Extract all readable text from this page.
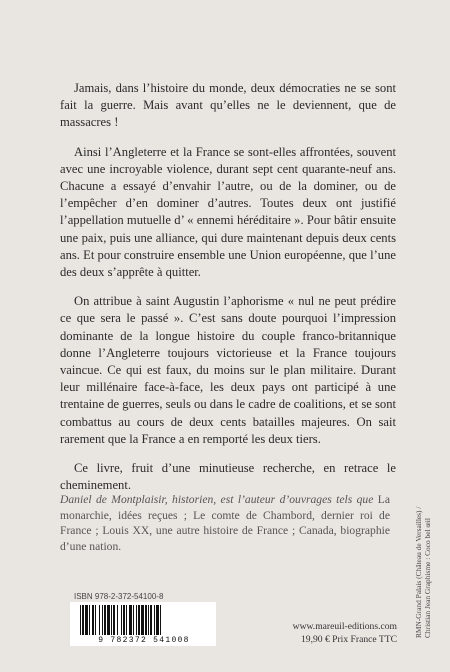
Jamais, dans l’histoire du monde, deux démocraties ne se sont fait la guerre. Mais avant qu’elles ne le deviennent, que de massacres !

Ainsi l’Angleterre et la France se sont-elles affrontées, souvent avec une incroyable violence, durant sept cent quarante-neuf ans. Chacune a essayé d’envahir l’autre, ou de la dominer, ou de l’empêcher d’en dominer d’autres. Toutes deux ont justifié l’appellation mutuelle d’ « ennemi héréditaire ». Pour bâtir ensuite une paix, puis une alliance, qui dure maintenant depuis deux cents ans. Et pour construire ensemble une Union européenne, que l’une des deux s’apprête à quitter.

On attribue à saint Augustin l’aphorisme « nul ne peut prédire ce que sera le passé ». C’est sans doute pourquoi l’impression dominante de la longue histoire du couple franco-britannique donne l’Angleterre toujours victorieuse et la France toujours vaincue. Ce qui est faux, du moins sur le plan militaire. Durant leur millénaire face-à-face, les deux pays ont participé à une trentaine de guerres, seuls ou dans le cadre de coalitions, et se sont combattus au cours de deux cents batailles majeures. On sait rarement que la France a en remporté les deux tiers.

Ce livre, fruit d’une minutieuse recherche, en retrace le cheminement.

Daniel de Montplaisir, historien, est l’auteur d’ouvrages tels que La monarchie, idées reçues ; Le comte de Chambord, dernier roi de France ; Louis XX, une autre histoire de France ; Canada, biographie d’une nation.	RMN-Grand Palais (Château de Versailles) / Christian Jean Graphisme : Coco bel œil
ISBN 978-2-372-54100-8
9 782372 541008
www.mareuil-editions.com
19,90 € Prix France TTC
